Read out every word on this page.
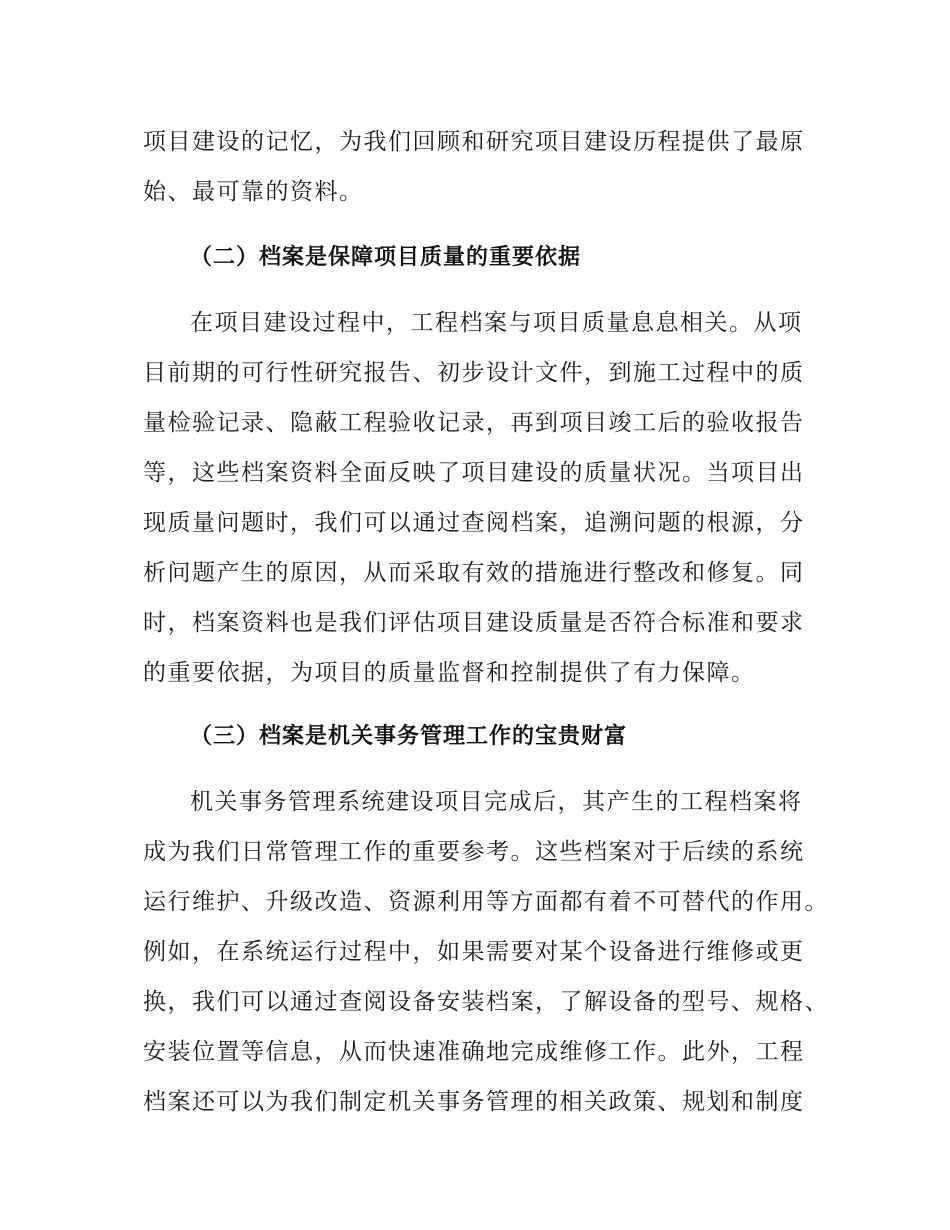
项目建设的记忆，为我们回顾和研究项目建设历程提供了最原
始、最可靠的资料。
（二）档案是保障项目质量的重要依据
在项目建设过程中，工程档案与项目质量息息相关。从项
目前期的可行性研究报告、初步设计文件，到施工过程中的质
量检验记录、隐蔽工程验收记录，再到项目竣工后的验收报告
等，这些档案资料全面反映了项目建设的质量状况。当项目出
现质量问题时，我们可以通过查阅档案，追溯问题的根源，分
析问题产生的原因，从而采取有效的措施进行整改和修复。同
时，档案资料也是我们评估项目建设质量是否符合标准和要求
的重要依据，为项目的质量监督和控制提供了有力保障。
（三）档案是机关事务管理工作的宝贵财富
机关事务管理系统建设项目完成后，其产生的工程档案将
成为我们日常管理工作的重要参考。这些档案对于后续的系统
运行维护、升级改造、资源利用等方面都有着不可替代的作用。
例如，在系统运行过程中，如果需要对某个设备进行维修或更
换，我们可以通过查阅设备安装档案，了解设备的型号、规格、
安装位置等信息，从而快速准确地完成维修工作。此外，工程
档案还可以为我们制定机关事务管理的相关政策、规划和制度
